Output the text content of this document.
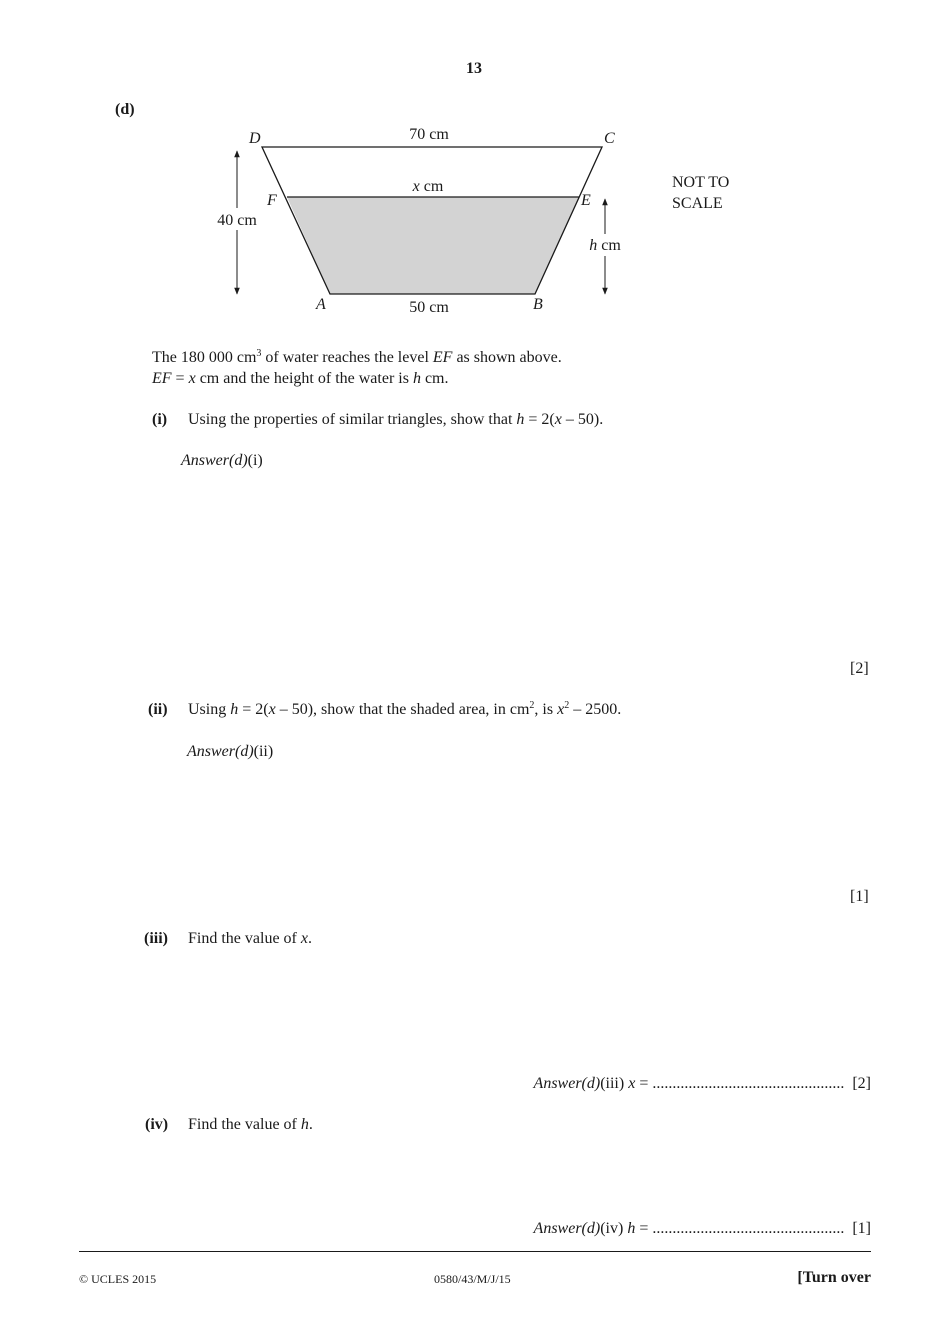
13
(d)
D	C
F	E
A	B
70 cm
x cm
50 cm
40 cm
h cm
NOT TO
SCALE
The 180 000 $cm^3$ of water reaches the level EF as shown above.
EF = x cm and the height of the water is h cm.
(i) Using the properties of similar triangles, show that h = 2(x – 50).
Answer(d)(i)
[2]
(ii) Using h = 2(x – 50), show that the shaded area, in $cm^2$, is $x^2 - 2500$.
Answer(d)(ii)
[1]
(iii) Find the value of x.
Answer(d)(iii) x = ................................................ [2]
(iv) Find the value of h.
Answer(d)(iv) h = ................................................ [1]
© UCLES 2015	0580/43/M/J/15	[Turn over
